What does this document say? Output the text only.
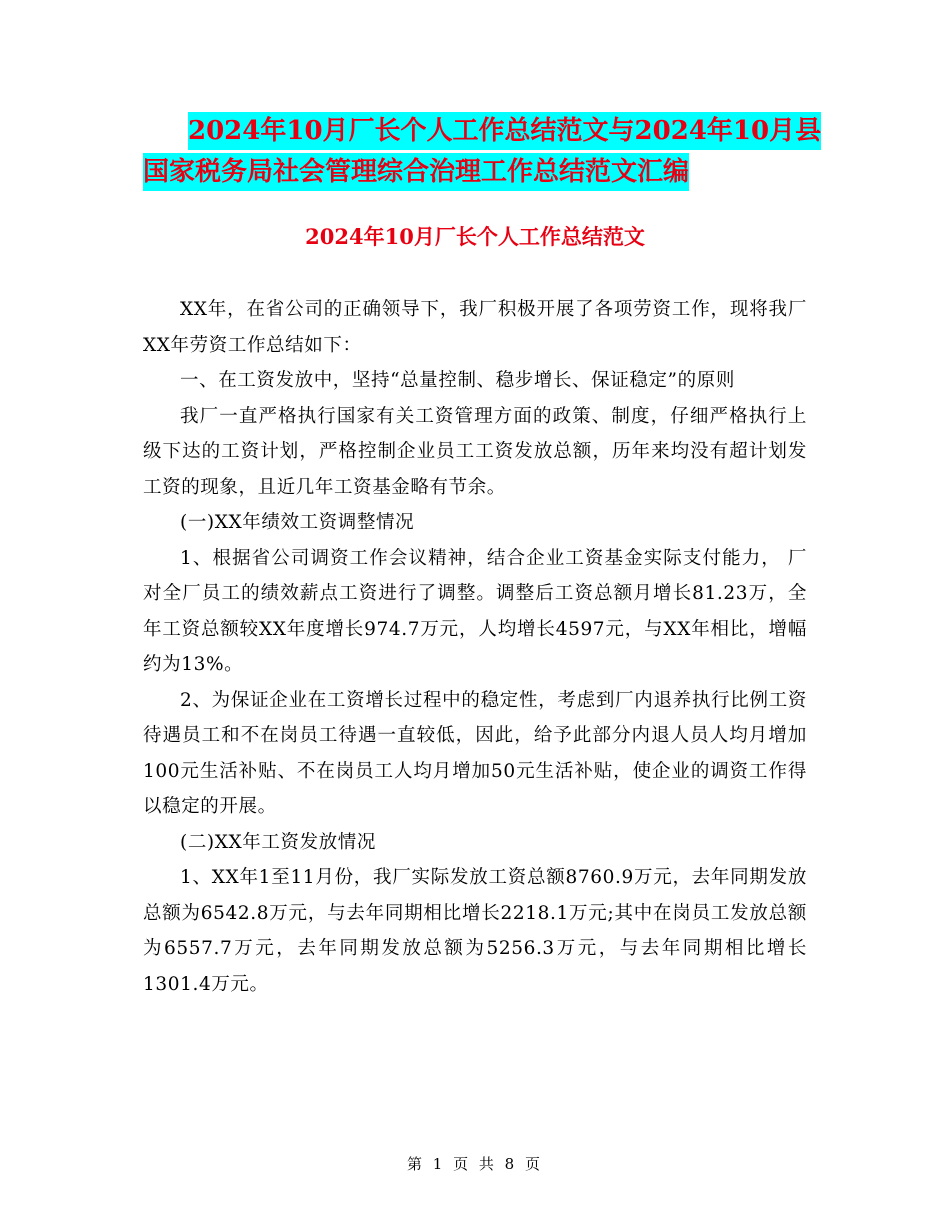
2024年10月厂长个人工作总结范文与2024年10月县
国家税务局社会管理综合治理工作总结范文汇编
2024年10月厂长个人工作总结范文

XX年，在省公司的正确领导下，我厂积极开展了各项劳资工作，现将我厂XX年劳资工作总结如下：

一、在工资发放中，坚持“总量控制、稳步增长、保证稳定”的原则

我厂一直严格执行国家有关工资管理方面的政策、制度，仔细严格执行上级下达的工资计划，严格控制企业员工工资发放总额，历年来均没有超计划发工资的现象，且近几年工资基金略有节余。

(一)XX年绩效工资调整情况

1、根据省公司调资工作会议精神，结合企业工资基金实际支付能力， 厂对全厂员工的绩效薪点工资进行了调整。调整后工资总额月增长81.23万，全年工资总额较XX年度增长974.7万元，人均增长4597元，与XX年相比，增幅约为13%。

2、为保证企业在工资增长过程中的稳定性，考虑到厂内退养执行比例工资待遇员工和不在岗员工待遇一直较低，因此，给予此部分内退人员人均月增加100元生活补贴、不在岗员工人均月增加50元生活补贴，使企业的调资工作得以稳定的开展。

(二)XX年工资发放情况

1、XX年1至11月份，我厂实际发放工资总额8760.9万元，去年同期发放总额为6542.8万元，与去年同期相比增长2218.1万元;其中在岗员工发放总额为6557.7万元，去年同期发放总额为5256.3万元，与去年同期相比增长1301.4万元。

第 1 页 共 8 页
